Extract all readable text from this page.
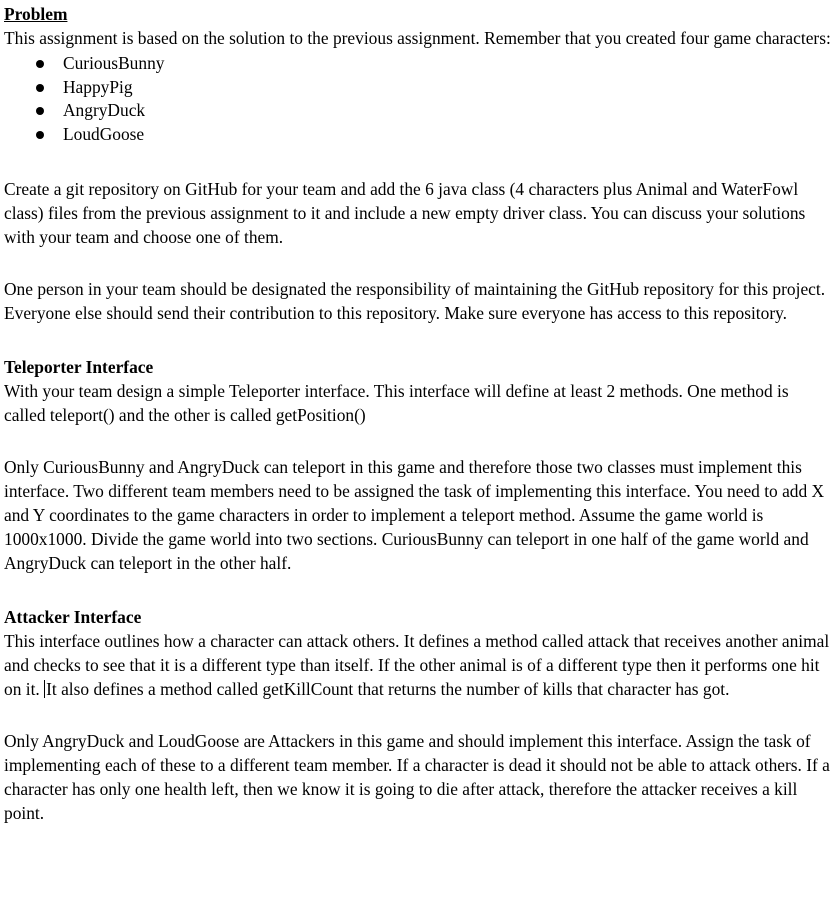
Problem

This assignment is based on the solution to the previous assignment. Remember that you created four game characters:

CuriousBunny
HappyPig
AngryDuck
LoudGoose

Create a git repository on GitHub for your team and add the 6 java class (4 characters plus Animal and WaterFowl class) files from the previous assignment to it and include a new empty driver class. You can discuss your solutions with your team and choose one of them.

One person in your team should be designated the responsibility of maintaining the GitHub repository for this project. Everyone else should send their contribution to this repository. Make sure everyone has access to this repository.

Teleporter Interface

With your team design a simple Teleporter interface. This interface will define at least 2 methods. One method is called teleport() and the other is called getPosition()

Only CuriousBunny and AngryDuck can teleport in this game and therefore those two classes must implement this interface. Two different team members need to be assigned the task of implementing this interface. You need to add X and Y coordinates to the game characters in order to implement a teleport method. Assume the game world is 1000x1000. Divide the game world into two sections. CuriousBunny can teleport in one half of the game world and AngryDuck can teleport in the other half.

Attacker Interface

This interface outlines how a character can attack others. It defines a method called attack that receives another animal and checks to see that it is a different type than itself. If the other animal is of a different type then it performs one hit on it. It also defines a method called getKillCount that returns the number of kills that character has got.

Only AngryDuck and LoudGoose are Attackers in this game and should implement this interface. Assign the task of implementing each of these to a different team member. If a character is dead it should not be able to attack others. If a character has only one health left, then we know it is going to die after attack, therefore the attacker receives a kill point.
